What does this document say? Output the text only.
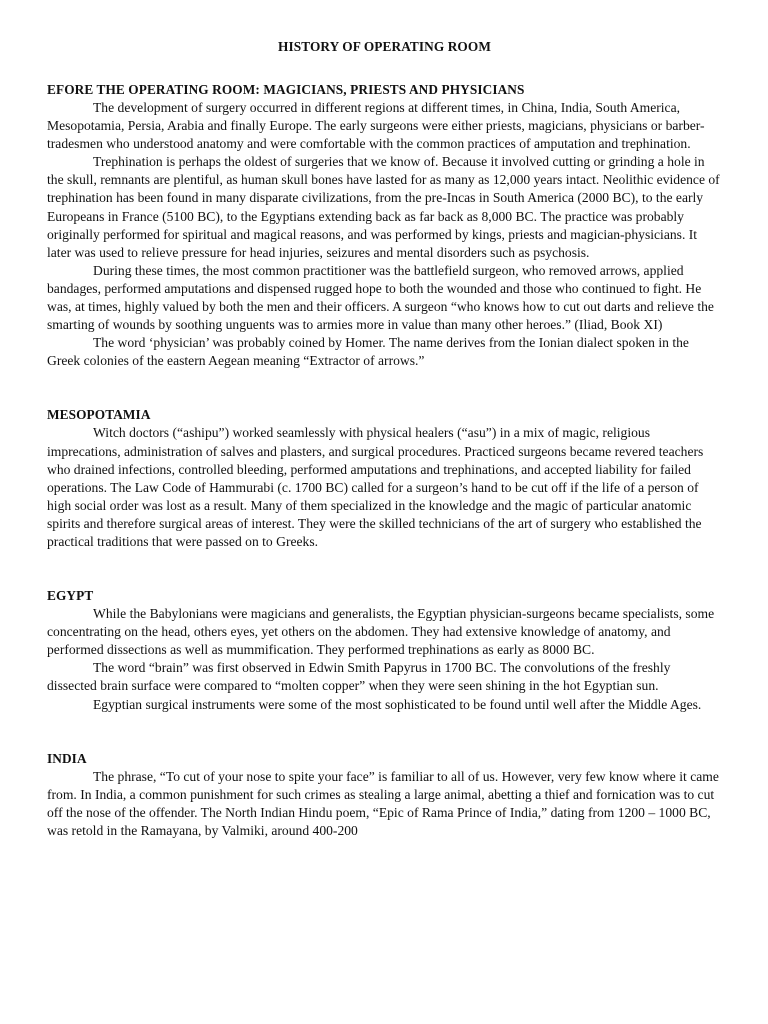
HISTORY OF OPERATING ROOM
EFORE THE OPERATING ROOM: MAGICIANS, PRIESTS AND PHYSICIANS

The development of surgery occurred in different regions at different times, in China, India, South America, Mesopotamia, Persia, Arabia and finally Europe. The early surgeons were either priests, magicians, physicians or barber-tradesmen who understood anatomy and were comfortable with the common practices of amputation and trephination.

Trephination is perhaps the oldest of surgeries that we know of. Because it involved cutting or grinding a hole in the skull, remnants are plentiful, as human skull bones have lasted for as many as 12,000 years intact. Neolithic evidence of trephination has been found in many disparate civilizations, from the pre-Incas in South America (2000 BC), to the early Europeans in France (5100 BC), to the Egyptians extending back as far back as 8,000 BC. The practice was probably originally performed for spiritual and magical reasons, and was performed by kings, priests and magician-physicians. It later was used to relieve pressure for head injuries, seizures and mental disorders such as psychosis.

During these times, the most common practitioner was the battlefield surgeon, who removed arrows, applied bandages, performed amputations and dispensed rugged hope to both the wounded and those who continued to fight. He was, at times, highly valued by both the men and their officers. A surgeon “who knows how to cut out darts and relieve the smarting of wounds by soothing unguents was to armies more in value than many other heroes.” (Iliad, Book XI)

The word ‘physician’ was probably coined by Homer. The name derives from the Ionian dialect spoken in the Greek colonies of the eastern Aegean meaning “Extractor of arrows.”

MESOPOTAMIA

Witch doctors (“ashipu”) worked seamlessly with physical healers (“asu”) in a mix of magic, religious imprecations, administration of salves and plasters, and surgical procedures. Practiced surgeons became revered teachers who drained infections, controlled bleeding, performed amputations and trephinations, and accepted liability for failed operations. The Law Code of Hammurabi (c. 1700 BC) called for a surgeon’s hand to be cut off if the life of a person of high social order was lost as a result. Many of them specialized in the knowledge and the magic of particular anatomic spirits and therefore surgical areas of interest. They were the skilled technicians of the art of surgery who established the practical traditions that were passed on to Greeks.

EGYPT

While the Babylonians were magicians and generalists, the Egyptian physician-surgeons became specialists, some concentrating on the head, others eyes, yet others on the abdomen. They had extensive knowledge of anatomy, and performed dissections as well as mummification. They performed trephinations as early as 8000 BC.

The word “brain” was first observed in Edwin Smith Papyrus in 1700 BC. The convolutions of the freshly dissected brain surface were compared to “molten copper” when they were seen shining in the hot Egyptian sun.

Egyptian surgical instruments were some of the most sophisticated to be found until well after the Middle Ages.

INDIA

The phrase, “To cut of your nose to spite your face” is familiar to all of us. However, very few know where it came from. In India, a common punishment for such crimes as stealing a large animal, abetting a thief and fornication was to cut off the nose of the offender. The North Indian Hindu poem, “Epic of Rama Prince of India,” dating from 1200 – 1000 BC, was retold in the Ramayana, by Valmiki, around 400-200
